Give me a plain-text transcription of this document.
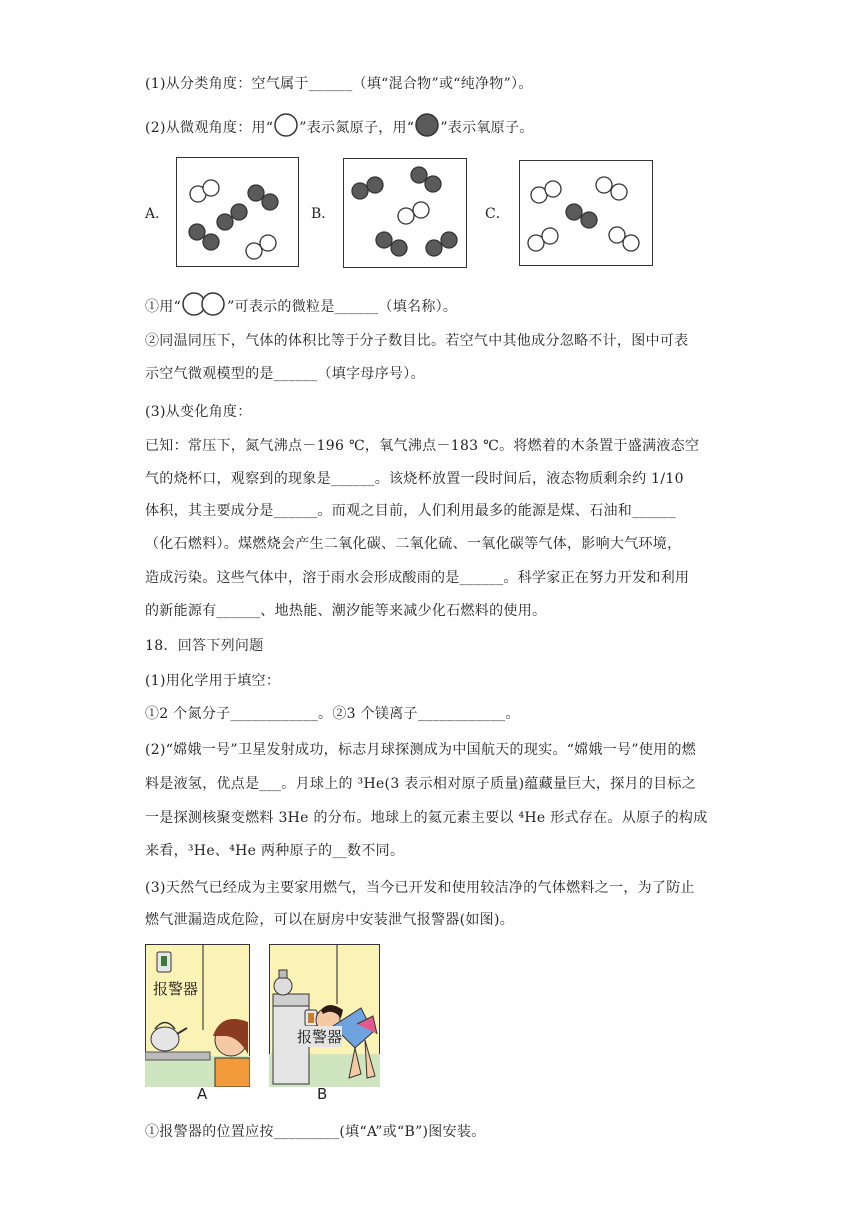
(1)从分类角度：空气属于______（填“混合物”或“纯净物”）。
(2)从微观角度：用“ ”表示氮原子，用“ ”表示氧原子。
A．	B．	C．
①用“	”可表示的微粒是______（填名称）。
②同温同压下，气体的体积比等于分子数目比。若空气中其他成分忽略不计，图中可表
示空气微观模型的是______（填字母序号）。
(3)从变化角度：
已知：常压下，氮气沸点－196 ℃，氧气沸点－183 ℃。将燃着的木条置于盛满液态空
气的烧杯口，观察到的现象是______。该烧杯放置一段时间后，液态物质剩余约 1/10
体积，其主要成分是______。而观之目前，人们利用最多的能源是煤、石油和______
（化石燃料）。煤燃烧会产生二氧化碳、二氧化硫、一氧化碳等气体，影响大气环境，
造成污染。这些气体中，溶于雨水会形成酸雨的是______。科学家正在努力开发和利用
的新能源有______、地热能、潮汐能等来减少化石燃料的使用。
18．回答下列问题
(1)用化学用于填空：
①2 个氮分子____________。②3 个镁离子____________。
(2)“嫦娥一号”卫星发射成功，标志月球探测成为中国航天的现实。“嫦娥一号”使用的燃
料是液氢，优点是___。月球上的 ³He(3 表示相对原子质量)蕴藏量巨大，探月的目标之
一是探测核聚变燃料 3He 的分布。地球上的氦元素主要以 ⁴He 形式存在。从原子的构成
来看，³He、⁴He 两种原子的__数不同。
(3)天然气已经成为主要家用燃气，当今已开发和使用较洁净的气体燃料之一，为了防止
燃气泄漏造成危险，可以在厨房中安装泄气报警器(如图)。
报警器
A
报警器
B
①报警器的位置应按_________(填“A”或“B”)图安装。
